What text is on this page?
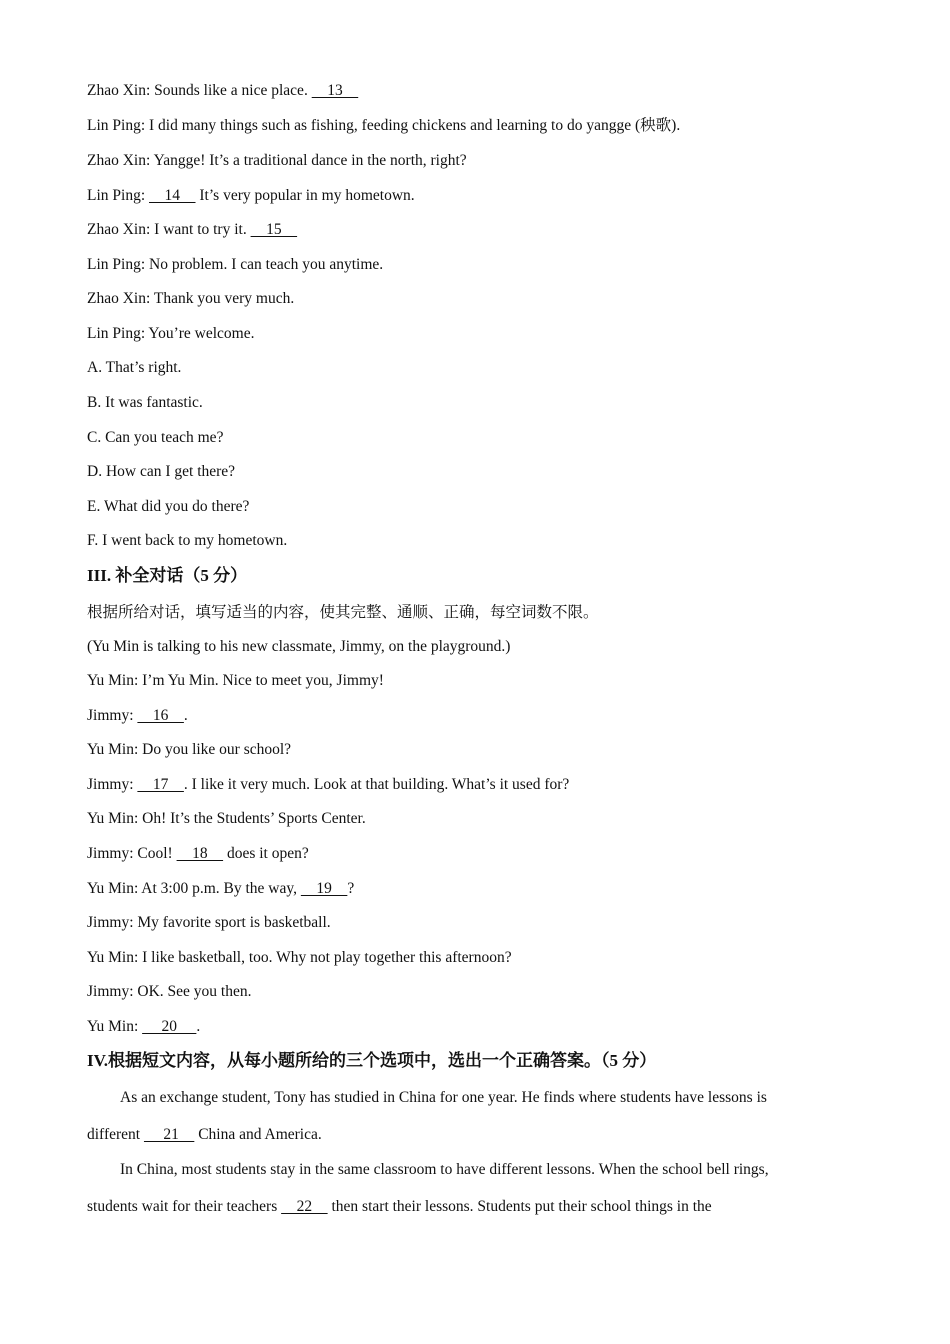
Zhao Xin: Sounds like a nice place.     13
Lin Ping: I did many things such as fishing, feeding chickens and learning to do yangge (秧歌).
Zhao Xin: Yangge! It’s a traditional dance in the north, right?
Lin Ping:     14     It’s very popular in my hometown.
Zhao Xin: I want to try it.     15
Lin Ping: No problem. I can teach you anytime.
Zhao Xin: Thank you very much.
Lin Ping: You’re welcome.
A. That’s right.
B. It was fantastic.
C. Can you teach me?
D. How can I get there?
E. What did you do there?
F. I went back to my hometown.
III. 补全对话（5 分）
根据所给对话，填写适当的内容，使其完整、通顺、正确，每空词数不限。
(Yu Min is talking to his new classmate, Jimmy, on the playground.)
Yu Min: I’m Yu Min. Nice to meet you, Jimmy!
Jimmy:     16    .
Yu Min: Do you like our school?
Jimmy:     17    . I like it very much. Look at that building. What’s it used for?
Yu Min: Oh! It’s the Students’ Sports Center.
Jimmy: Cool!     18     does it open?
Yu Min: At 3:00 p.m. By the way,     19    ?
Jimmy: My favorite sport is basketball.
Yu Min: I like basketball, too. Why not play together this afternoon?
Jimmy: OK. See you then.
Yu Min:      20     .
IV.根据短文内容，从每小题所给的三个选项中，选出一个正确答案。（5 分）
As an exchange student, Tony has studied in China for one year. He finds where students have lessons is
different      21     China and America.
In China, most students stay in the same classroom to have different lessons. When the school bell rings,
students wait for their teachers     22     then start their lessons. Students put their school things in the
